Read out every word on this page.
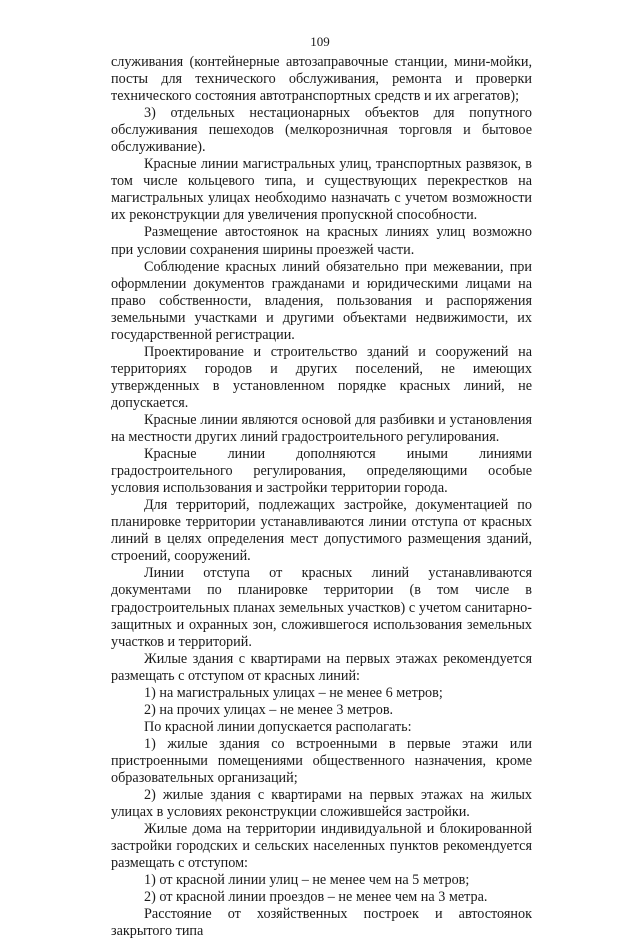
109

служивания (контейнерные автозаправочные станции, мини-мойки, посты для технического обслуживания, ремонта и проверки технического состояния автотранспортных средств и их агрегатов);

3) отдельных нестационарных объектов для попутного обслуживания пешеходов (мелкорозничная торговля и бытовое обслуживание).

Красные линии магистральных улиц, транспортных развязок, в том числе кольцевого типа, и существующих перекрестков на магистральных улицах необходимо назначать с учетом возможности их реконструкции для увеличения пропускной способности.

Размещение автостоянок на красных линиях улиц возможно при условии сохранения ширины проезжей части.

Соблюдение красных линий обязательно при межевании, при оформлении документов гражданами и юридическими лицами на право собственности, владения, пользования и распоряжения земельными участками и другими объектами недвижимости, их государственной регистрации.

Проектирование и строительство зданий и сооружений на территориях городов и других поселений, не имеющих утвержденных в установленном порядке красных линий, не допускается.

Красные линии являются основой для разбивки и установления на местности других линий градостроительного регулирования.

Красные линии дополняются иными линиями градостроительного регулирования, определяющими особые условия использования и застройки территории города.

Для территорий, подлежащих застройке, документацией по планировке территории устанавливаются линии отступа от красных линий в целях определения мест допустимого размещения зданий, строений, сооружений.

Линии отступа от красных линий устанавливаются документами по планировке территории (в том числе в градостроительных планах земельных участков) с учетом санитарно-защитных и охранных зон, сложившегося использования земельных участков и территорий.

Жилые здания с квартирами на первых этажах рекомендуется размещать с отступом от красных линий:

1) на магистральных улицах – не менее 6 метров;

2) на прочих улицах – не менее 3 метров.

По красной линии допускается располагать:

1) жилые здания со встроенными в первые этажи или пристроенными помещениями общественного назначения, кроме образовательных организаций;

2) жилые здания с квартирами на первых этажах на жилых улицах в условиях реконструкции сложившейся застройки.

Жилые дома на территории индивидуальной и блокированной застройки городских и сельских населенных пунктов рекомендуется размещать с отступом:

1) от красной линии улиц – не менее чем на 5 метров;

2) от красной линии проездов – не менее чем на 3 метра.

Расстояние от хозяйственных построек и автостоянок закрытого типа
